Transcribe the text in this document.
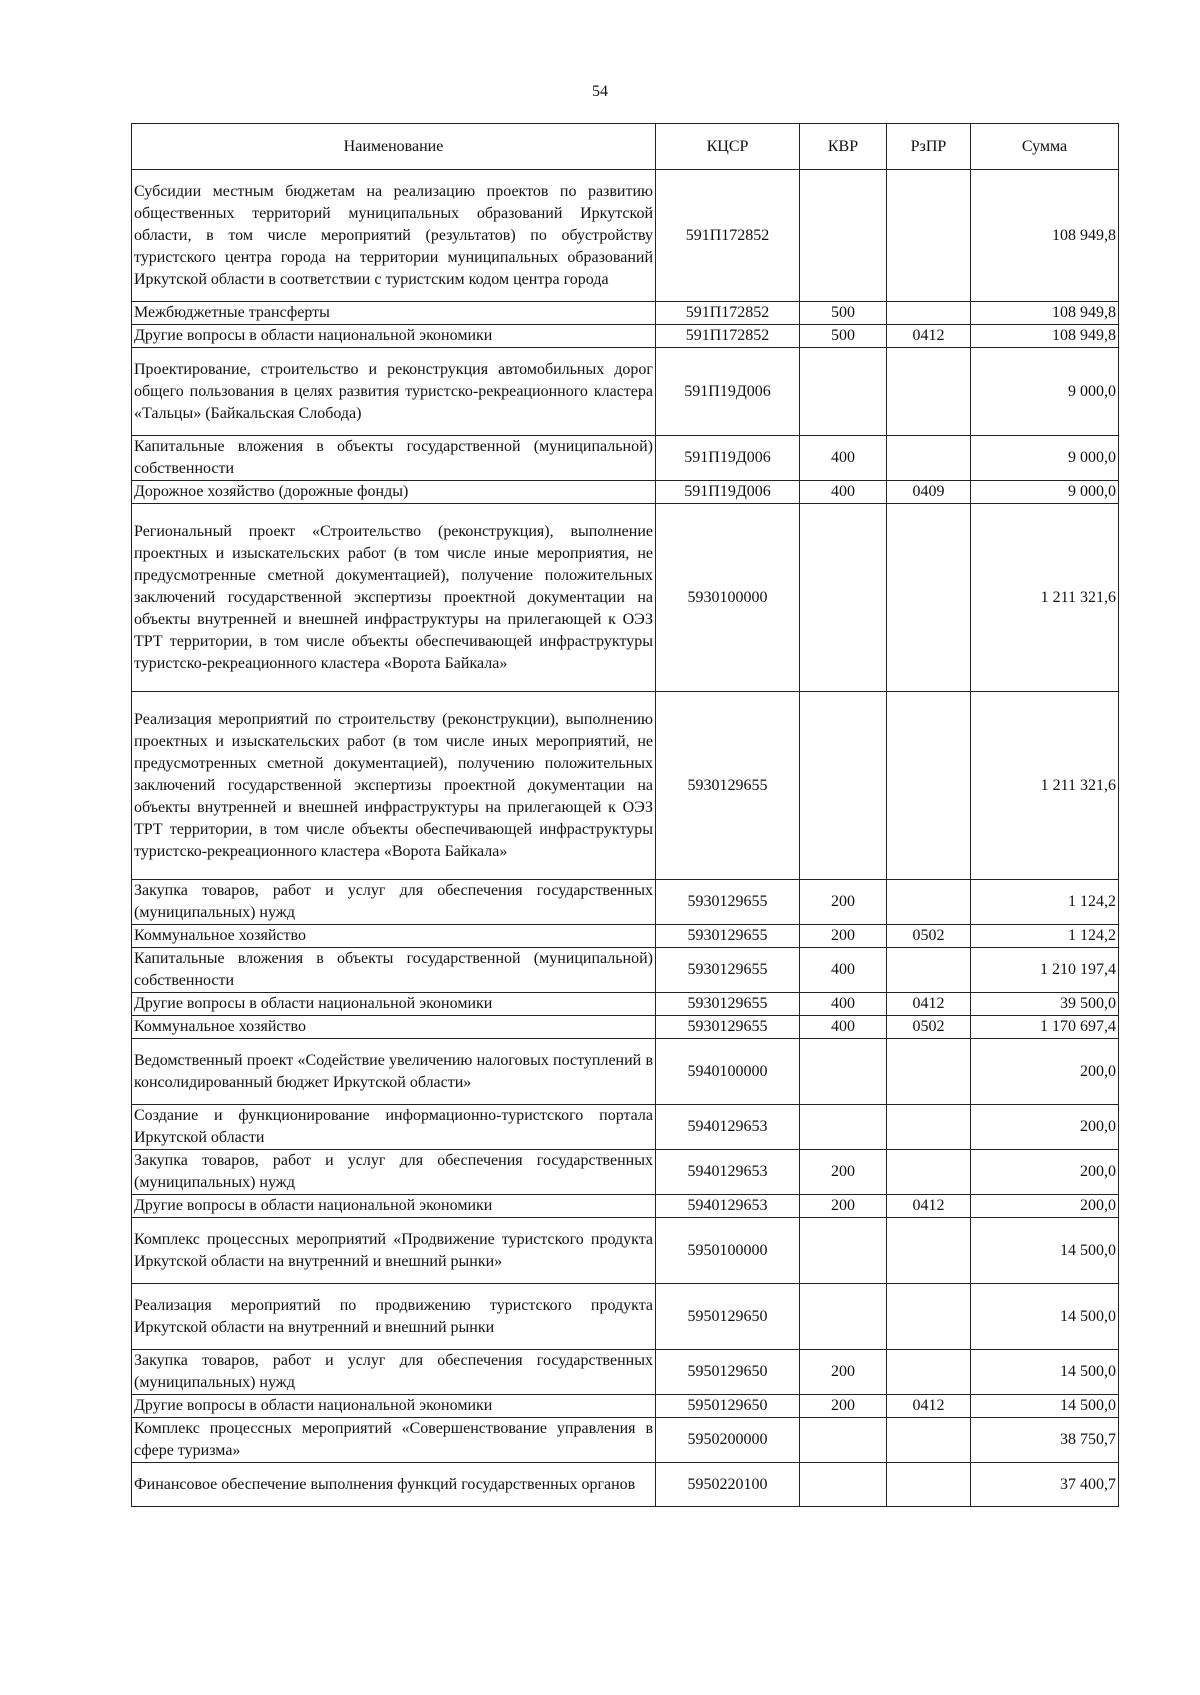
54
Наименование	КЦСР	КВР	РзПР	Сумма
Субсидии местным бюджетам на реализацию проектов по развитию общественных территорий муниципальных образований Иркутской области, в том числе мероприятий (результатов) по обустройству туристского центра города на территории муниципальных образований Иркутской области в соответствии с туристским кодом центра города	591П172852			108 949,8
Межбюджетные трансферты	591П172852	500		108 949,8
Другие вопросы в области национальной экономики	591П172852	500	0412	108 949,8
Проектирование, строительство и реконструкция автомобильных дорог общего пользования в целях развития туристско-рекреационного кластера «Тальцы» (Байкальская Слобода)	591П19Д006			9 000,0
Капитальные вложения в объекты государственной (муниципальной) собственности	591П19Д006	400		9 000,0
Дорожное хозяйство (дорожные фонды)	591П19Д006	400	0409	9 000,0
Региональный проект «Строительство (реконструкция), выполнение проектных и изыскательских работ (в том числе иные мероприятия, не предусмотренные сметной документацией), получение положительных заключений государственной экспертизы проектной документации на объекты внутренней и внешней инфраструктуры на прилегающей к ОЭЗ ТРТ территории, в том числе объекты обеспечивающей инфраструктуры туристско-рекреационного кластера «Ворота Байкала»	5930100000			1 211 321,6
Реализация мероприятий по строительству (реконструкции), выполнению проектных и изыскательских работ (в том числе иных мероприятий, не предусмотренных сметной документацией), получению положительных заключений государственной экспертизы проектной документации на объекты внутренней и внешней инфраструктуры на прилегающей к ОЭЗ ТРТ территории, в том числе объекты обеспечивающей инфраструктуры туристско-рекреационного кластера «Ворота Байкала»	5930129655			1 211 321,6
Закупка товаров, работ и услуг для обеспечения государственных (муниципальных) нужд	5930129655	200		1 124,2
Коммунальное хозяйство	5930129655	200	0502	1 124,2
Капитальные вложения в объекты государственной (муниципальной) собственности	5930129655	400		1 210 197,4
Другие вопросы в области национальной экономики	5930129655	400	0412	39 500,0
Коммунальное хозяйство	5930129655	400	0502	1 170 697,4
Ведомственный проект «Содействие увеличению налоговых поступлений в консолидированный бюджет Иркутской области»	5940100000			200,0
Создание и функционирование информационно-туристского портала Иркутской области	5940129653			200,0
Закупка товаров, работ и услуг для обеспечения государственных (муниципальных) нужд	5940129653	200		200,0
Другие вопросы в области национальной экономики	5940129653	200	0412	200,0
Комплекс процессных мероприятий «Продвижение туристского продукта Иркутской области на внутренний и внешний рынки»	5950100000			14 500,0
Реализация мероприятий по продвижению туристского продукта Иркутской области на внутренний и внешний рынки	5950129650			14 500,0
Закупка товаров, работ и услуг для обеспечения государственных (муниципальных) нужд	5950129650	200		14 500,0
Другие вопросы в области национальной экономики	5950129650	200	0412	14 500,0
Комплекс процессных мероприятий «Совершенствование управления в сфере туризма»	5950200000			38 750,7
Финансовое обеспечение выполнения функций государственных органов	5950220100			37 400,7
